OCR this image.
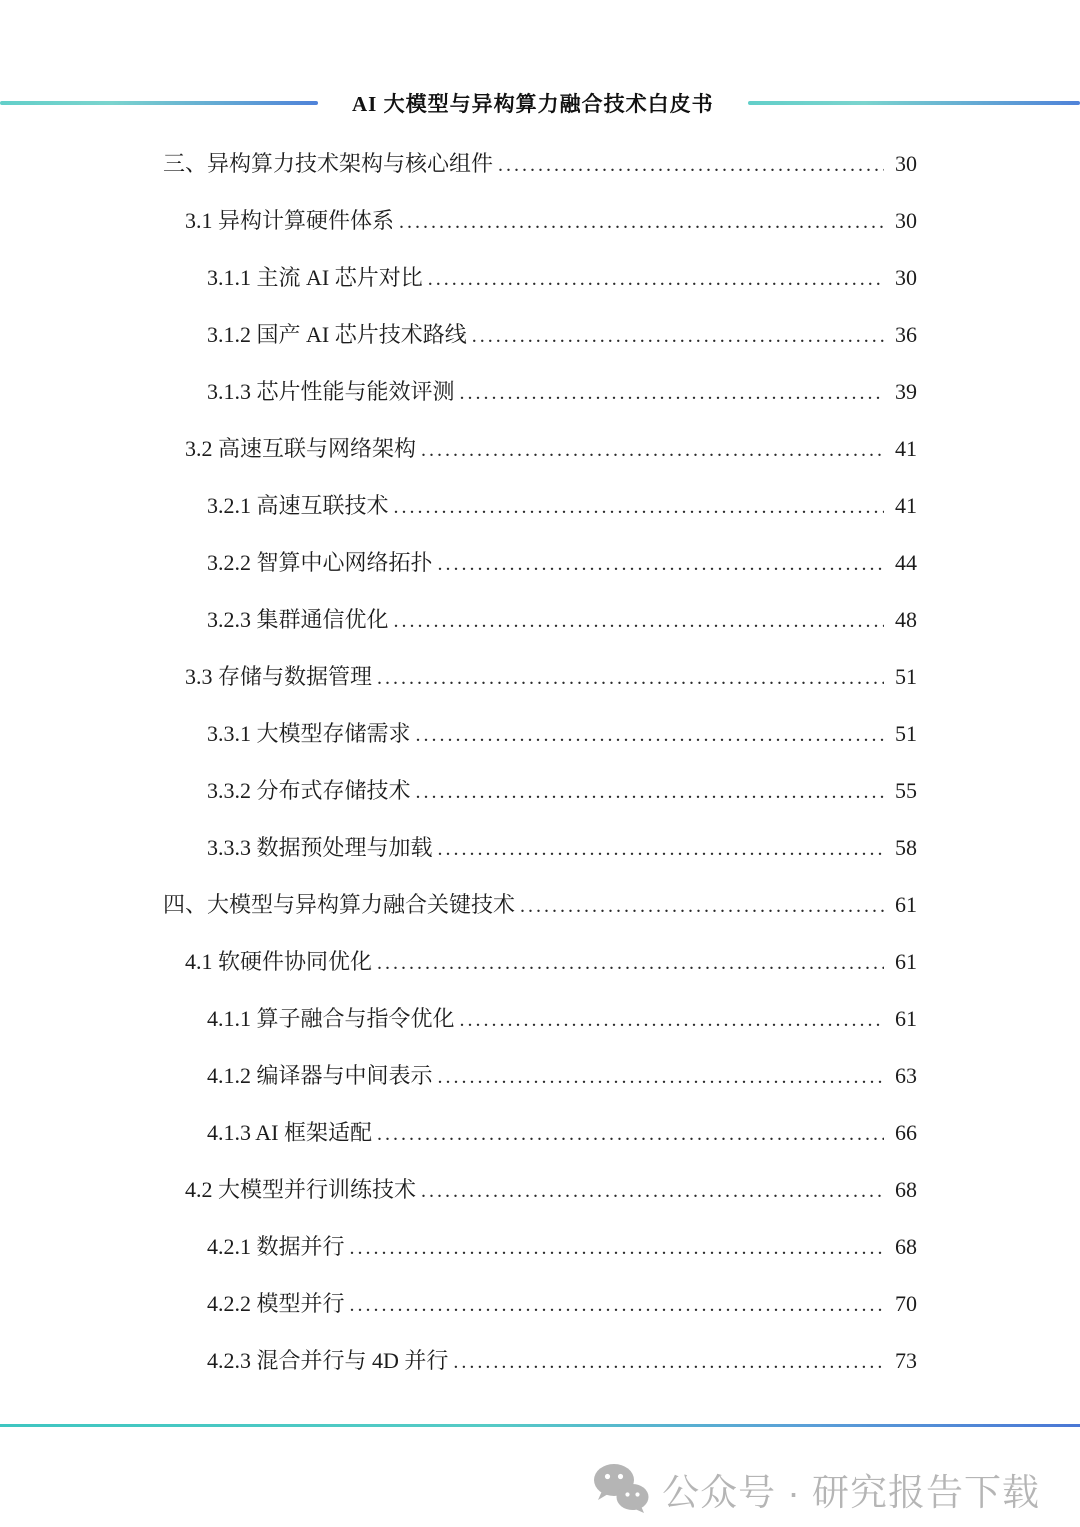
AI 大模型与异构算力融合技术白皮书
三、异构算力技术架构与核心组件 .....	30
3.1 异构计算硬件体系 .....	30
3.1.1 主流 AI 芯片对比 .....	30
3.1.2 国产 AI 芯片技术路线 .....	36
3.1.3 芯片性能与能效评测 .....	39
3.2 高速互联与网络架构 .....	41
3.2.1 高速互联技术 .....	41
3.2.2 智算中心网络拓扑 .....	44
3.2.3 集群通信优化 .....	48
3.3 存储与数据管理 .....	51
3.3.1 大模型存储需求 .....	51
3.3.2 分布式存储技术 .....	55
3.3.3 数据预处理与加载 .....	58
四、大模型与异构算力融合关键技术 .....	61
4.1 软硬件协同优化 .....	61
4.1.1 算子融合与指令优化 .....	61
4.1.2 编译器与中间表示 .....	63
4.1.3 AI 框架适配 .....	66
4.2 大模型并行训练技术 .....	68
4.2.1 数据并行 .....	68
4.2.2 模型并行 .....	70
4.2.3 混合并行与 4D 并行 .....	73
公众号 · 研究报告下载
